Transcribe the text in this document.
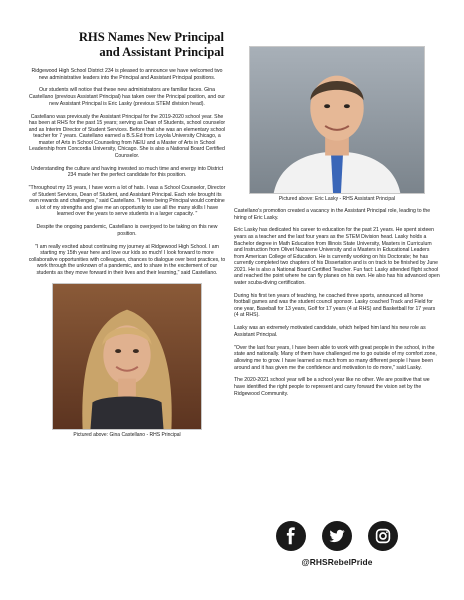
RHS Names New Principal
and Assistant Principal
Ridgewood High School District 234 is pleased to announce we have welcomed two new administrative leaders into the Principal and Assistant Principal positions.
Our students will notice that these new administrators are familiar faces. Gina Castellano (previous Assistant Principal) has taken over the Principal position, and our new Assistant Principal is Eric Lasky (previous STEM division head).
Castellano was previously the Assistant Principal for the 2019-2020 school year. She has been at RHS for the past 15 years; serving as Dean of Students, school counselor and as Interim Director of Student Services. Before that she was an elementary school teacher for 7 years. Castellano earned a B.S.Ed from Loyola University Chicago, a master of Arts in School Counseling from NEIU and a Master of Arts in School Leadership from Concordia University, Chicago. She is also a National Board Certified Counselor.
Understanding the culture and having invested so much time and energy into District 234 made her the perfect candidate for this position.
"Throughout my 15 years, I have worn a lot of hats. I was a School Counselor, Director of Student Services, Dean of Student, and Assistant Principal. Each role brought its own rewards and challenges," said Castellano. "I knew being Principal would combine a lot of my strengths and give me an opportunity to use all the many skills I have learned over the years to serve students in a larger capacity. "
Despite the ongoing pandemic, Castellano is overjoyed to be taking on this new position.
"I am really excited about continuing my journey at Ridgewood High School. I am starting my 15th year here and love our kids so much! I look forward to more collaborative opportunities with colleagues, chances to dialogue over best practices, to work through the unknown of a pandemic, and to share in the excitement of our students as they move forward in their lives and their learning," said Castellano.
Pictured above: Gina Castellano - RHS Principal
Pictured above: Eric Lasky - RHS Assistant Principal
Castellano's promotion created a vacancy in the Assistant Principal role, leading to the hiring of Eric Lasky.
Eric Lasky has dedicated his career to education for the past 21 years. He spent sixteen years as a teacher and the last four years as the STEM Division head. Lasky holds a Bachelor degree in Math Education from Illinois State University, Masters in Curriculum and Instruction from Olivet Nazarene University and a Masters in Educational Leaders from American College of Education. He is currently working on his Doctorate; he has currently completed two chapters of his Dissertation and is on track to be finished by June 2021. He is also a National Board Certified Teacher. Fun fact: Lasky attended flight school and reached the point where he can fly planes on his own. He also has his advanced open water scuba-diving certification.
During his first ten years of teaching, he coached three sports, announced all home football games and was the student council sponsor. Lasky coached Track and Field for one year, Baseball for 13 years, Golf for 17 years (4 at RHS) and Basketball for 17 years (4 at RHS).
Lasky was an extremely motivated candidate, which helped him land his new role as Assistant Principal.
"Over the last four years, I have been able to work with great people in the school, in the state and nationally. Many of them have challenged me to go outside of my comfort zone, allowing me to grow. I have learned so much from so many different people I have been around and it has given me the confidence and motivation to do more," said Lasky.
The 2020-2021 school year will be a school year like no other. We are positive that we have identified the right people to represent and carry forward the vision set by the Ridgewood Community.
@RHSRebelPride
